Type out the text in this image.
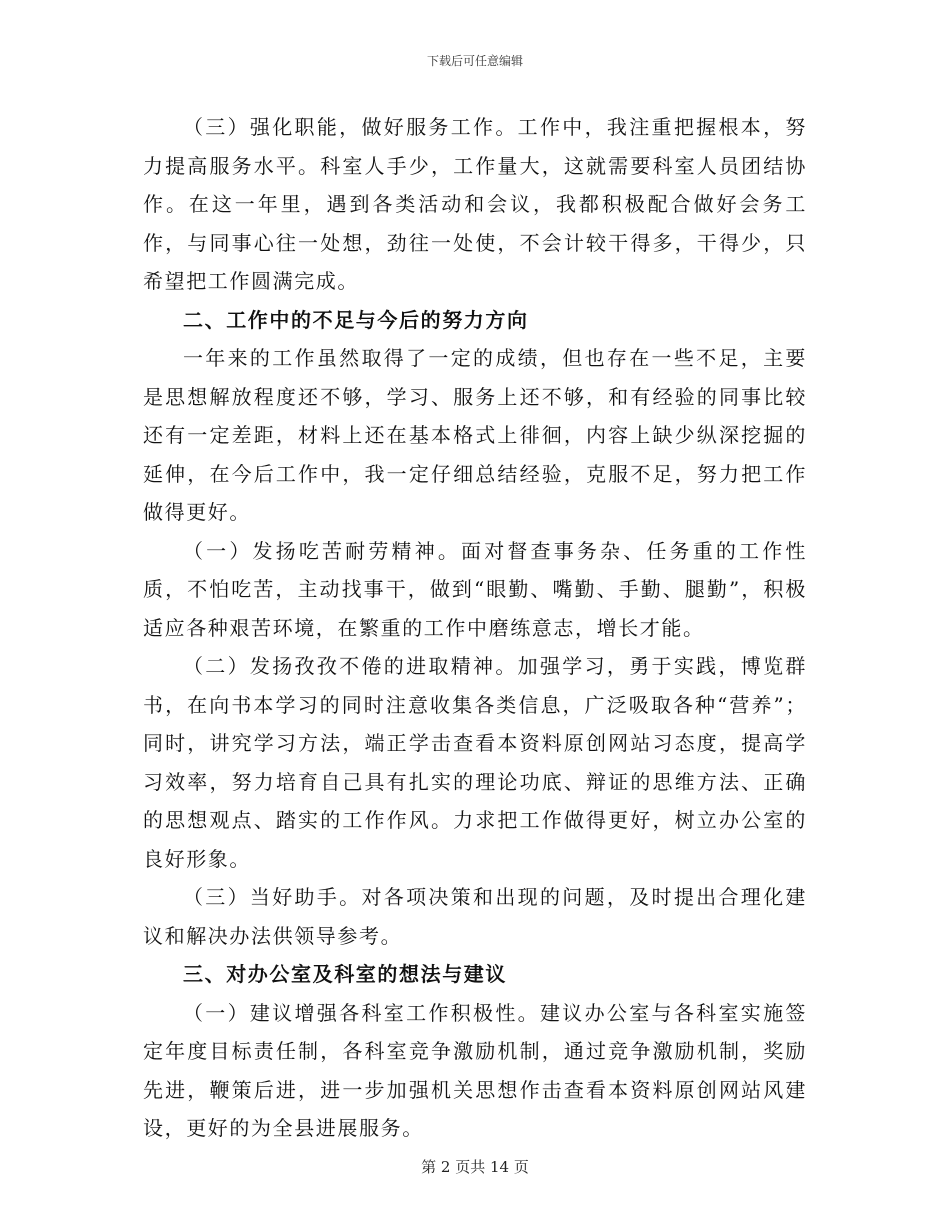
下载后可任意编辑

（三）强化职能，做好服务工作。工作中，我注重把握根本，努力提高服务水平。科室人手少，工作量大，这就需要科室人员团结协作。在这一年里，遇到各类活动和会议，我都积极配合做好会务工作，与同事心往一处想，劲往一处使，不会计较干得多，干得少，只希望把工作圆满完成。

二、工作中的不足与今后的努力方向

一年来的工作虽然取得了一定的成绩，但也存在一些不足，主要是思想解放程度还不够，学习、服务上还不够，和有经验的同事比较还有一定差距，材料上还在基本格式上徘徊，内容上缺少纵深挖掘的延伸，在今后工作中，我一定仔细总结经验，克服不足，努力把工作做得更好。

（一）发扬吃苦耐劳精神。面对督查事务杂、任务重的工作性质，不怕吃苦，主动找事干，做到“眼勤、嘴勤、手勤、腿勤”，积极适应各种艰苦环境，在繁重的工作中磨练意志，增长才能。

（二）发扬孜孜不倦的进取精神。加强学习，勇于实践，博览群书，在向书本学习的同时注意收集各类信息，广泛吸取各种“营养”；同时，讲究学习方法，端正学击查看本资料原创网站习态度，提高学习效率，努力培育自己具有扎实的理论功底、辩证的思维方法、正确的思想观点、踏实的工作作风。力求把工作做得更好，树立办公室的良好形象。

（三）当好助手。对各项决策和出现的问题，及时提出合理化建议和解决办法供领导参考。

三、对办公室及科室的想法与建议

（一）建议增强各科室工作积极性。建议办公室与各科室实施签定年度目标责任制，各科室竞争激励机制，通过竞争激励机制，奖励先进，鞭策后进，进一步加强机关思想作击查看本资料原创网站风建设，更好的为全县进展服务。

第 2 页共 14 页
